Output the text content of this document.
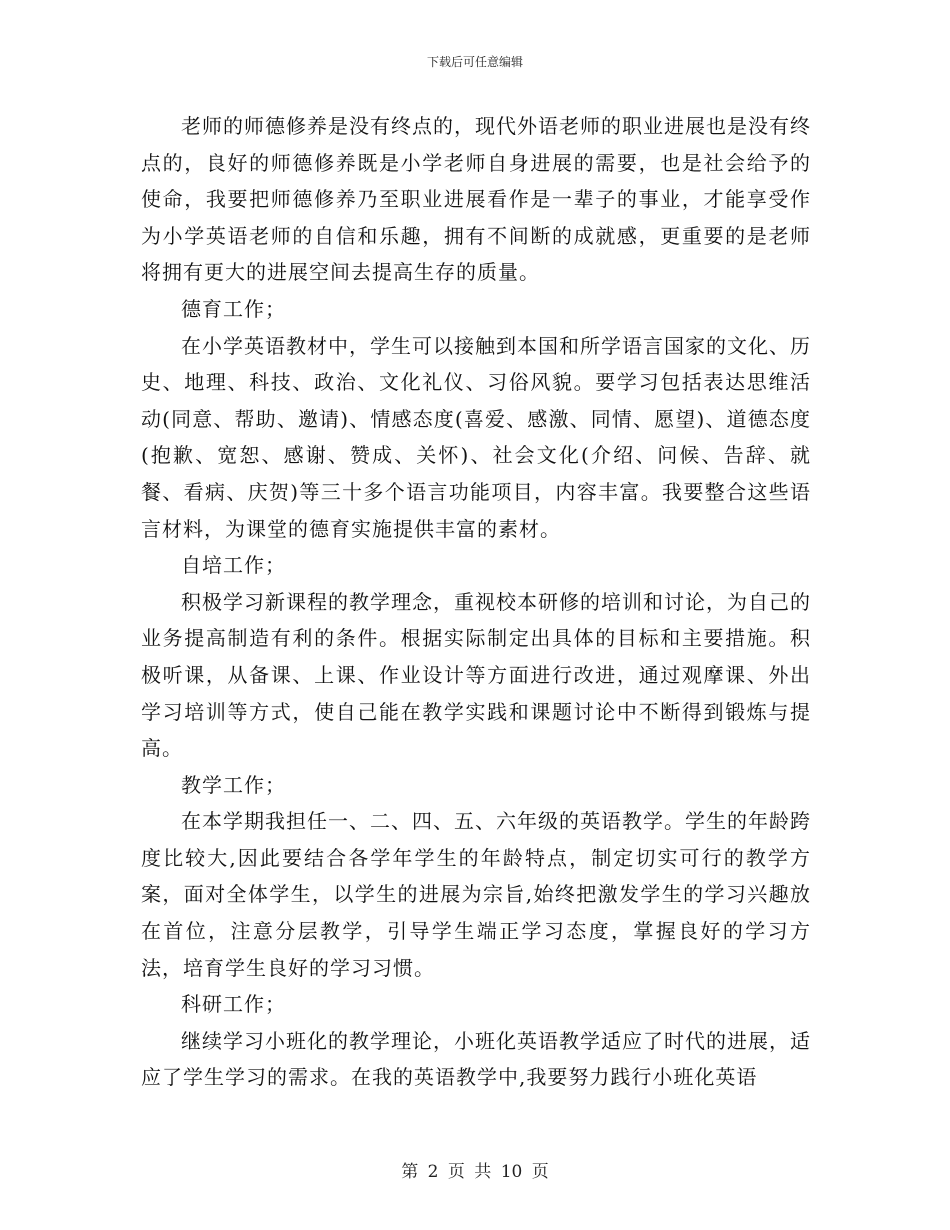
下载后可任意编辑

老师的师德修养是没有终点的，现代外语老师的职业进展也是没有终点的，良好的师德修养既是小学老师自身进展的需要，也是社会给予的使命，我要把师德修养乃至职业进展看作是一辈子的事业，才能享受作为小学英语老师的自信和乐趣，拥有不间断的成就感，更重要的是老师将拥有更大的进展空间去提高生存的质量。

德育工作；

在小学英语教材中，学生可以接触到本国和所学语言国家的文化、历史、地理、科技、政治、文化礼仪、习俗风貌。要学习包括表达思维活动(同意、帮助、邀请)、情感态度(喜爱、感激、同情、愿望)、道德态度(抱歉、宽恕、感谢、赞成、关怀)、社会文化(介绍、问候、告辞、就餐、看病、庆贺)等三十多个语言功能项目，内容丰富。我要整合这些语言材料，为课堂的德育实施提供丰富的素材。

自培工作；

积极学习新课程的教学理念，重视校本研修的培训和讨论，为自己的业务提高制造有利的条件。根据实际制定出具体的目标和主要措施。积极听课，从备课、上课、作业设计等方面进行改进，通过观摩课、外出学习培训等方式，使自己能在教学实践和课题讨论中不断得到锻炼与提高。

教学工作；

在本学期我担任一、二、四、五、六年级的英语教学。学生的年龄跨度比较大,因此要结合各学年学生的年龄特点，制定切实可行的教学方案，面对全体学生，以学生的进展为宗旨,始终把激发学生的学习兴趣放在首位，注意分层教学，引导学生端正学习态度，掌握良好的学习方法，培育学生良好的学习习惯。

科研工作；

继续学习小班化的教学理论，小班化英语教学适应了时代的进展，适应了学生学习的需求。在我的英语教学中,我要努力践行小班化英语

第 2 页 共 10 页
